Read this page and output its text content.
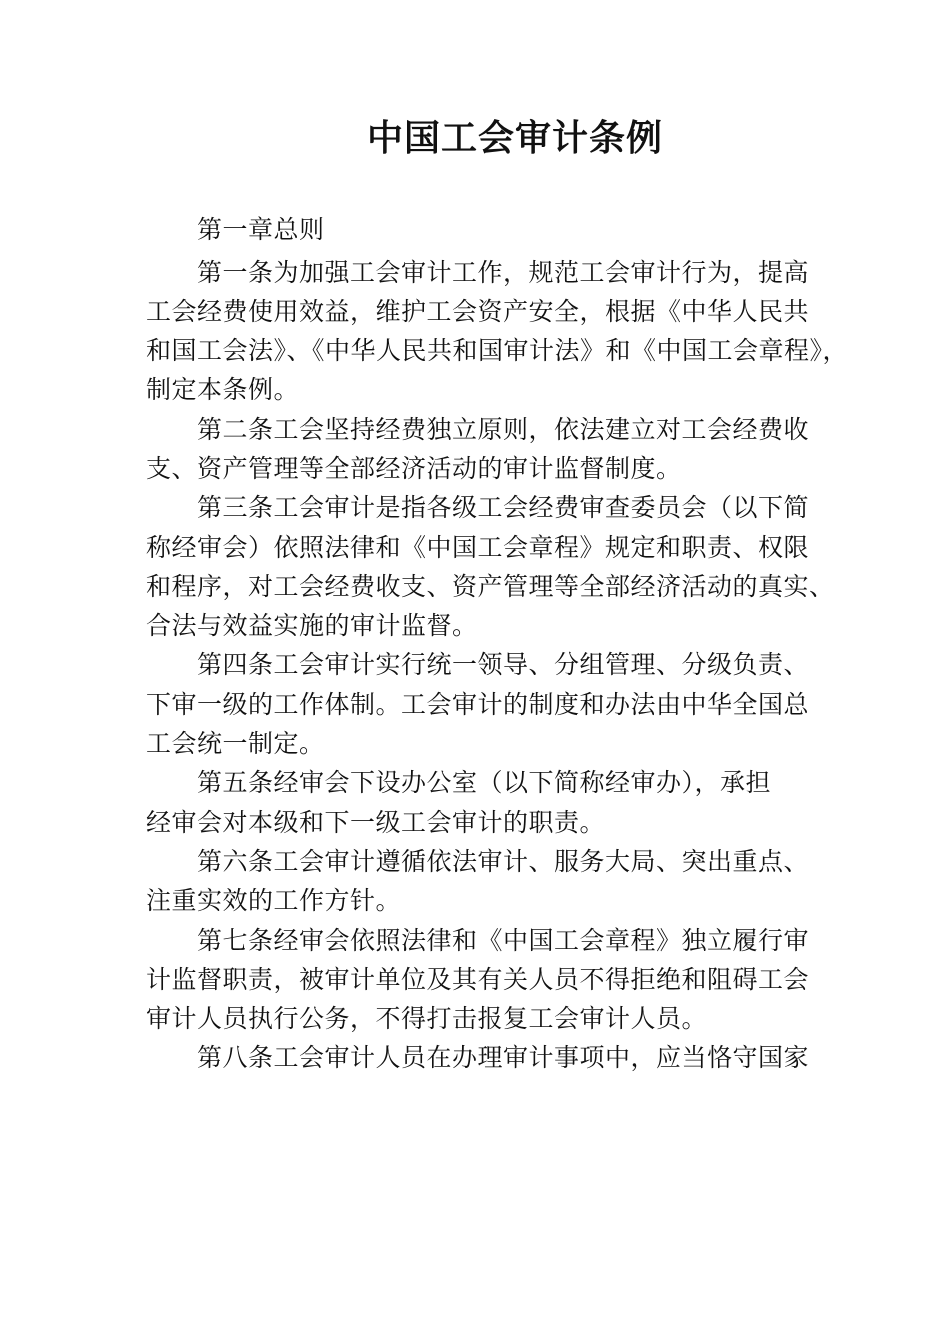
中国工会审计条例
第一章总则
第一条为加强工会审计工作，规范工会审计行为，提高
工会经费使用效益，维护工会资产安全，根据《中华人民共
和国工会法》、《中华人民共和国审计法》和《中国工会章程》，
制定本条例。
第二条工会坚持经费独立原则，依法建立对工会经费收
支、资产管理等全部经济活动的审计监督制度。
第三条工会审计是指各级工会经费审查委员会（以下简
称经审会）依照法律和《中国工会章程》规定和职责、权限
和程序，对工会经费收支、资产管理等全部经济活动的真实、
合法与效益实施的审计监督。
第四条工会审计实行统一领导、分组管理、分级负责、
下审一级的工作体制。工会审计的制度和办法由中华全国总
工会统一制定。
第五条经审会下设办公室（以下简称经审办），承担
经审会对本级和下一级工会审计的职责。
第六条工会审计遵循依法审计、服务大局、突出重点、
注重实效的工作方针。
第七条经审会依照法律和《中国工会章程》独立履行审
计监督职责，被审计单位及其有关人员不得拒绝和阻碍工会
审计人员执行公务，不得打击报复工会审计人员。
第八条工会审计人员在办理审计事项中，应当恪守国家
